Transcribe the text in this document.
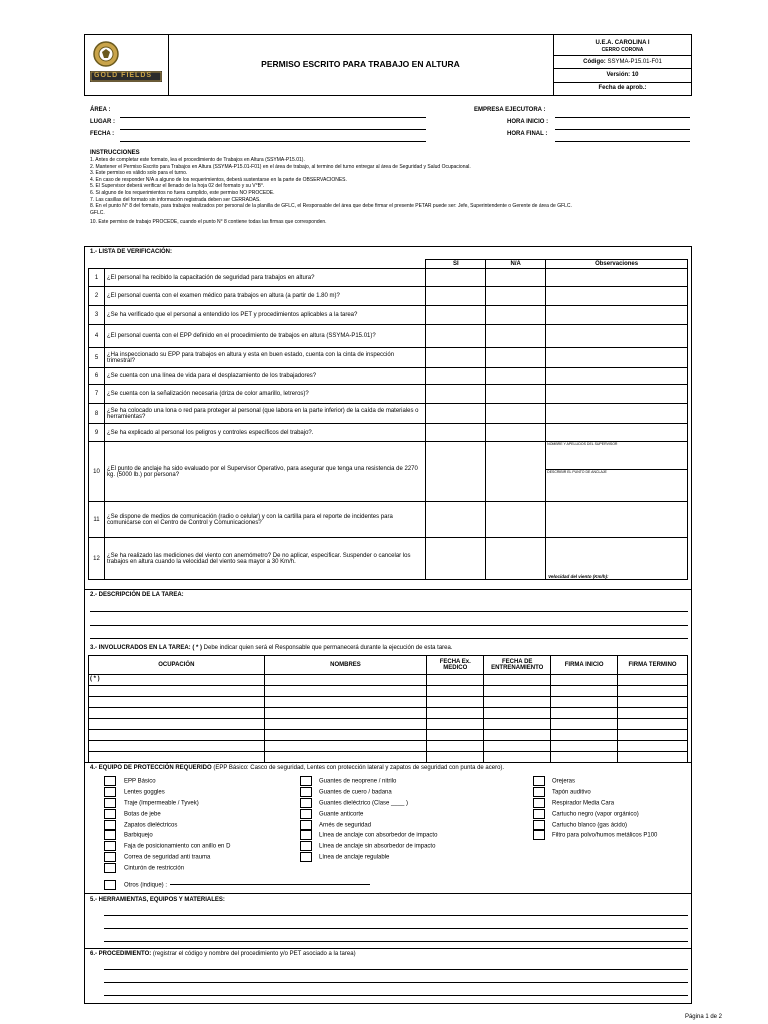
GOLD FIELDS
PERMISO ESCRITO PARA TRABAJO EN ALTURA
U.E.A. CAROLINA I
CERRO CORONA
Código: SSYMA-P15.01-F01
Versión: 10
Fecha de aprob.:
ÁREA :
LUGAR :
FECHA :
EMPRESA EJECUTORA :
HORA INICIO :
HORA FINAL :
INSTRUCCIONES
1. Antes de completar este formato, lea el procedimiento de Trabajos en Altura (SSYMA-P15.01).
2. Mantener el Permiso Escrito para Trabajos en Altura (SSYMA-P15.01-F01) en el área de trabajo, al termino del turno entregar al área de Seguridad y Salud Ocupacional.
3. Este permiso es válido solo para el turno.
4. En caso de responder N/A a alguno de los requerimientos, deberá sustentarse en la parte de OBSERVACIONES.
5. El Supervisor deberá verificar el llenado de la hoja 02 del formato y su V°B°.
6. Si alguno de los requerimientos no fuera cumplido, este permiso NO PROCEDE.
7. Las casillas del formato sin información registrada deben ser CERRADAS.
8. En el punto N° 8 del formato, para trabajos realizados por personal de la planilla de GFLC, el Responsable del área que debe firmar el presente PETAR puede ser: Jefe, Superintendente o Gerente de área de GFLC.
GFLC.
10. Este permiso de trabajo PROCEDE, cuando el punto N° 8 contiene todas las firmas que corresponden.
1.- LISTA DE VERIFICACIÓN:
		SI	N/A	Observaciones
1	¿El personal ha recibido la capacitación de seguridad para trabajos en altura?			
2	¿El personal cuenta con el examen médico para trabajos en altura (a partir de 1.80 m)?			
3	¿Se ha verificado que el personal a entendido los PET y procedimientos aplicables a la tarea?			
4	¿El personal cuenta con el EPP definido en el procedimiento de trabajos en altura (SSYMA-P15.01)?			
5	¿Ha inspeccionado su EPP para trabajos en altura y esta en buen estado, cuenta con la cinta de inspección trimestral?			
6	¿Se cuenta con una línea de vida para el desplazamiento de los trabajadores?			
7	¿Se cuenta con la señalización necesaria (driza de color amarillo, letreros)?			
8	¿Se ha colocado una lona o red para proteger al personal (que labora en la parte inferior) de la caída de materiales o herramientas?			
9	¿Se ha explicado al personal los peligros y controles específicos del trabajo?.			
10	¿El punto de anclaje ha sido evaluado por el Supervisor Operativo, para asegurar que tenga una resistencia de 2270 kg. (5000 lb.) por persona?			NOMBRE Y APELLIDOS DEL SUPERVISOR
DESCRIBIR EL PUNTO DE ANCLAJE

11	¿Se dispone de medios de comunicación (radio o celular) y con la cartilla para el reporte de incidentes para comunicarse con el Centro de Control y Comunicaciones?			
12	¿Se ha realizado las mediciones del viento con anemómetro? De no aplicar, especificar. Suspender o cancelar los trabajos en altura cuando la velocidad del viento sea mayor a 30 Km/h.			Velocidad del viento (Km/h):
2.- DESCRIPCIÓN DE LA TAREA:
3.- INVOLUCRADOS EN LA TAREA: ( * ) Debe indicar quien será el Responsable que permanecerá durante la ejecución de esta tarea.
OCUPACIÓN	NOMBRES	FECHA Ex. MEDICO	FECHA DE ENTRENAMIENTO	FIRMA INICIO	FIRMA TERMINO
( * )					

4.- EQUIPO DE PROTECCIÓN REQUERIDO (EPP Básico: Casco de seguridad, Lentes con protección lateral y zapatos de seguridad con punta de acero).
EPP Básico
Lentes goggles
Traje (Impermeable / Tyvek)
Botas de jebe
Zapatos dieléctricos
Barbiquejo
Faja de posicionamiento con anillo en D
Correa de seguridad anti trauma
Cinturón de restricción
Otros (indique) :
Guantes de neoprene / nitrilo
Guantes de cuero / badana
Guantes dieléctrico (Clase ____ )
Guante anticorte
Arnés de seguridad
Línea de anclaje con absorbedor de impacto
Línea de anclaje sin absorbedor de impacto
Línea de anclaje regulable
Orejeras
Tapón auditivo
Respirador Media Cara
Cartucho negro (vapor orgánico)
Cartucho blanco (gas ácido)
Filtro para polvo/humos metálicos P100
5.- HERRAMIENTAS, EQUIPOS Y MATERIALES:
6.- PROCEDIMIENTO: (registrar el código y nombre del procedimiento y/o PET asociado a la tarea)
Página 1 de 2
